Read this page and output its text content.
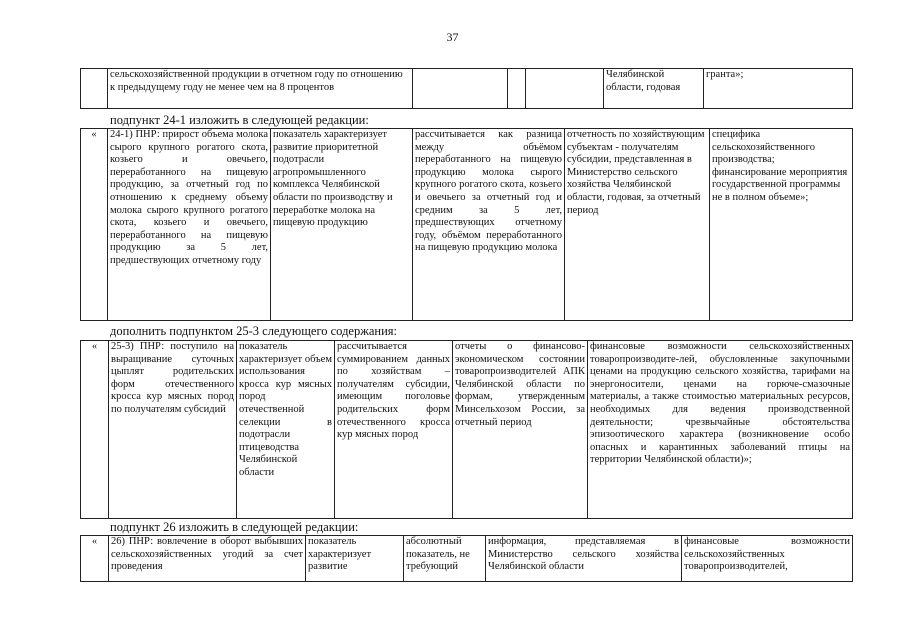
37
	сельскохозяйственной продукции в отчетном году по отношению к предыдущему году не менее чем на 8 процентов				Челябинской области, годовая	гранта»;
подпункт 24-1 изложить в следующей редакции:
«	24-1) ПНР: прирост объема молока сырого крупного рогатого скота, козьего и овечьего, переработанного на пищевую продукцию, за отчетный год по отношению к среднему объему молока сырого крупного рогатого скота, козьего и овечьего, переработанного на пищевую продукцию за 5 лет, предшествующих отчетному году	показатель характеризует развитие приоритетной подотрасли агропромышленного комплекса Челябинской области по производству и переработке молока на пищевую продукцию	рассчитывается как разница между объёмом переработанного на пищевую продукцию молока сырого крупного рогатого скота, козьего и овечьего за отчетный год и средним за 5 лет, предшествующих отчетному году, объёмом переработанного на пищевую продукцию молока	отчетность по хозяйствующим субъектам - получателям субсидии, представленная в Министерство сельского хозяйства Челябинской области, годовая, за отчетный период	специфика сельскохозяйственного производства; финансирование мероприятия государственной программы не в полном объеме»;
дополнить подпунктом 25-3 следующего содержания:
«	25-3) ПНР: поступило на выращивание суточных цыплят родительских форм отечественного кросса кур мясных пород по получателям субсидий	показатель характеризует объем использования кросса кур мясных пород отечественной селекции в подотрасли птицеводства Челябинской области	рассчитывается суммированием данных по хозяйствам – получателям субсидии, имеющим поголовье родительских форм отечественного кросса кур мясных пород	отчеты о финансово-экономическом состоянии товаропроизводителей АПК Челябинской области по формам, утвержденным Минсельхозом России, за отчетный период	финансовые возможности сельскохозяйственных товаропроизводите-лей, обусловленные закупочными ценами на продукцию сельского хозяйства, тарифами на энергоносители, ценами на горюче-смазочные материалы, а также стоимостью материальных ресурсов, необходимых для ведения производственной деятельности; чрезвычайные обстоятельства эпизоотического характера (возникновение особо опасных и карантинных заболеваний птицы на территории Челябинской области)»;
подпункт 26 изложить в следующей редакции:
«	26) ПНР: вовлечение в оборот выбывших сельскохозяйственных угодий за счет проведения	показатель характеризует развитие	абсолютный показатель, не требующий	информация, представляемая в Министерство сельского хозяйства Челябинской области	финансовые возможности сельскохозяйственных товаропроизводителей,
